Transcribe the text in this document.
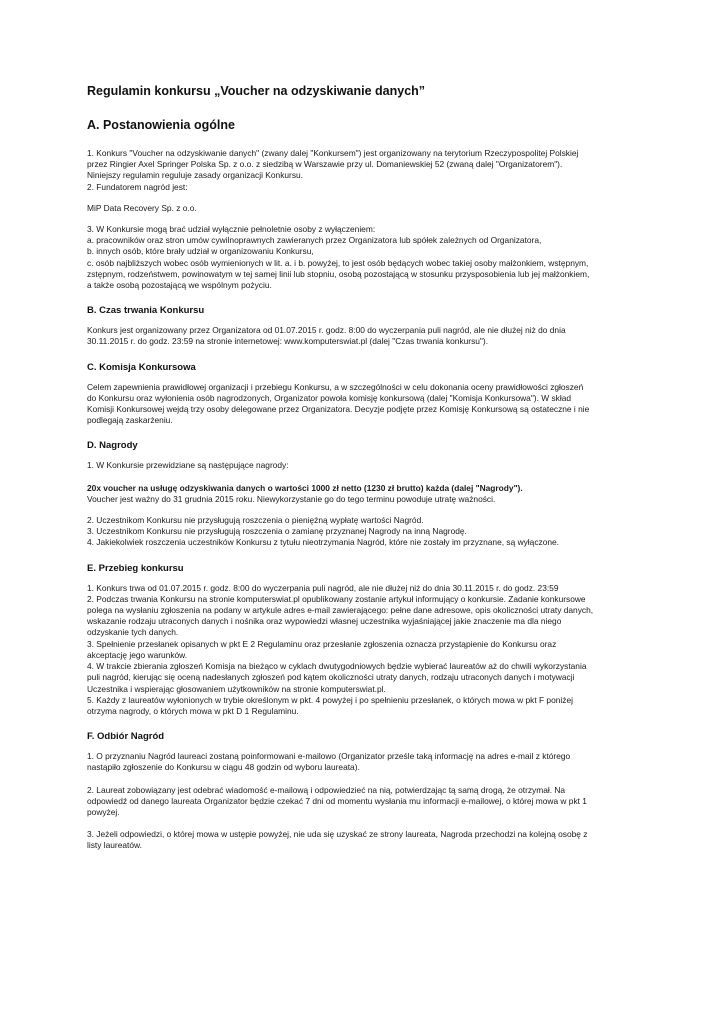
Regulamin konkursu „Voucher na odzyskiwanie danych”
A. Postanowienia ogólne

1. Konkurs "Voucher na odzyskiwanie danych" (zwany dalej "Konkursem") jest organizowany na terytorium Rzeczypospolitej Polskiej
przez Ringier Axel Springer Polska Sp. z o.o. z siedzibą w Warszawie przy ul. Domaniewskiej 52 (zwaną dalej "Organizatorem").
Niniejszy regulamin reguluje zasady organizacji Konkursu.
2. Fundatorem nagród jest:

MiP Data Recovery Sp. z o.o.

3. W Konkursie mogą brać udział wyłącznie pełnoletnie osoby z wyłączeniem:
a. pracowników oraz stron umów cywilnoprawnych zawieranych przez Organizatora lub spółek zależnych od Organizatora,
b. innych osób, które brały udział w organizowaniu Konkursu,
c. osób najbliższych wobec osób wymienionych w lit. a. i b. powyżej, to jest osób będących wobec takiej osoby małżonkiem, wstępnym,
zstępnym, rodzeństwem, powinowatym w tej samej linii lub stopniu, osobą pozostającą w stosunku przysposobienia lub jej małżonkiem,
a także osobą pozostającą we wspólnym pożyciu.

B. Czas trwania Konkursu

Konkurs jest organizowany przez Organizatora od 01.07.2015 r. godz. 8:00 do wyczerpania puli nagród, ale nie dłużej niż do dnia
30.11.2015 r. do godz. 23:59 na stronie internetowej: www.komputerswiat.pl (dalej "Czas trwania konkursu").

C. Komisja Konkursowa

Celem zapewnienia prawidłowej organizacji i przebiegu Konkursu, a w szczególności w celu dokonania oceny prawidłowości zgłoszeń
do Konkursu oraz wyłonienia osób nagrodzonych, Organizator powoła komisję konkursową (dalej "Komisja Konkursowa"). W skład
Komisji Konkursowej wejdą trzy osoby delegowane przez Organizatora. Decyzje podjęte przez Komisję Konkursową są ostateczne i nie
podlegają zaskarżeniu.

D. Nagrody

1. W Konkursie przewidziane są następujące nagrody:

20x voucher na usługę odzyskiwania danych o wartości 1000 zł netto (1230 zł brutto) każda (dalej "Nagrody").

Voucher jest ważny do 31 grudnia 2015 roku. Niewykorzystanie go do tego terminu powoduje utratę ważności.

2. Uczestnikom Konkursu nie przysługują roszczenia o pieniężną wypłatę wartości Nagród.
3. Uczestnikom Konkursu nie przysługują roszczenia o zamianę przyznanej Nagrody na inną Nagrodę.
4. Jakiekolwiek roszczenia uczestników Konkursu z tytułu nieotrzymania Nagród, które nie zostały im przyznane, są wyłączone.

E. Przebieg konkursu

1. Konkurs trwa od 01.07.2015 r. godz. 8:00 do wyczerpania puli nagród, ale nie dłużej niż do dnia 30.11.2015 r. do godz. 23:59
2. Podczas trwania Konkursu na stronie komputerswiat.pl opublikowany zostanie artykuł informujący o konkursie. Zadanie konkursowe
polega na wysłaniu zgłoszenia na podany w artykule adres e-mail zawierającego: pełne dane adresowe, opis okoliczności utraty danych,
wskazanie rodzaju utraconych danych i nośnika oraz wypowiedzi własnej uczestnika wyjaśniającej jakie znaczenie ma dla niego
odzyskanie tych danych.
3. Spełnienie przesłanek opisanych w pkt E 2 Regulaminu oraz przesłanie zgłoszenia oznacza przystąpienie do Konkursu oraz
akceptację jego warunków.
4. W trakcie zbierania zgłoszeń Komisja na bieżąco w cyklach dwutygodniowych będzie wybierać laureatów aż do chwili wykorzystania
puli nagród, kierując się oceną nadesłanych zgłoszeń pod kątem okoliczności utraty danych, rodzaju utraconych danych i motywacji
Uczestnika i wspierając głosowaniem użytkowników na stronie komputerswiat.pl.
5. Każdy z laureatów wyłonionych w trybie określonym w pkt. 4 powyżej i po spełnieniu przesłanek, o których mowa w pkt F poniżej
otrzyma nagrody, o których mowa w pkt D 1 Regulaminu.

F. Odbiór Nagród

1. O przyznaniu Nagród laureaci zostaną poinformowani e-mailowo (Organizator prześle taką informację na adres e-mail z którego
nastąpiło zgłoszenie do Konkursu w ciągu 48 godzin od wyboru laureata).

2. Laureat zobowiązany jest odebrać wiadomość e-mailową i odpowiedzieć na nią, potwierdzając tą samą drogą, że otrzymał. Na
odpowiedź od danego laureata Organizator będzie czekać 7 dni od momentu wysłania mu informacji e-mailowej, o której mowa w pkt 1
powyżej.

3. Jeżeli odpowiedzi, o której mowa w ustępie powyżej, nie uda się uzyskać ze strony laureata, Nagroda przechodzi na kolejną osobę z
listy laureatów.
